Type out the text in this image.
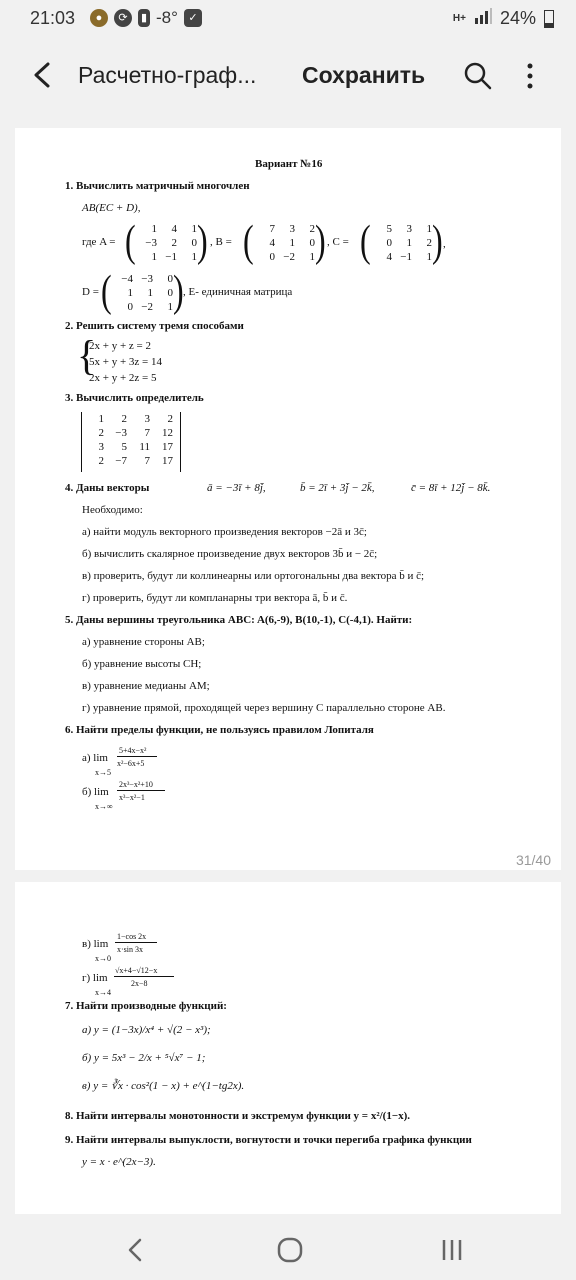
21:03	●	⟳	▮ -8° ✓	H+ 24%
Расчетно-граф... Сохранить
Вариант №16
1. Вычислить матричный многочлен
AB(EC + D),
где A = (	1	4	1
−3	2	0
1 −1	1 ) , B = (	7	3	2
4	1	0
0 −2	1 ) , C = (	5	3	1
0	1	2
4 −1	1 ) ,
D = ( −4 −3	0
1	1	0
0 −2	1 ) , E- единичная матрица
2. Решить систему тремя способами
{
2x + y + z = 2
5x + y + 3z = 14
2x + y + 2z = 5
3. Вычислить определитель
1	2	3	2
2	−3	7	12
3	5	11	17
2	−7	7	17
4. Даны векторы	ā = −3ī + 8j̄,	b̄ = 2ī + 3j̄ − 2k̄,	c̄ = 8ī + 12j̄ − 8k̄.
Необходимо:
а) найти модуль векторного произведения векторов −2ā и 3c̄;
б) вычислить скалярное произведение двух векторов 3b̄ и − 2c̄;
в) проверить, будут ли коллинеарны или ортогональны два вектора b̄ и c̄;
г) проверить, будут ли компланарны три вектора ā, b̄ и c̄.
5. Даны вершины треугольника ABC: A(6,-9), B(10,-1), C(-4,1). Найти:
а) уравнение стороны AB;
б) уравнение высоты CH;
в) уравнение медианы AM;
г) уравнение прямой, проходящей через вершину C параллельно стороне AB.
6. Найти пределы функции, не пользуясь правилом Лопиталя
а) lim
x→5
5+4x−x²
x²−6x+5
б) lim
x→∞
2x³−x²+10
x³−x²−1
31/40
в) lim
x→0
1−cos 2x
x·sin 3x
г) lim
x→4
√x+4−√12−x
2x−8
7. Найти производные функций:
а) y = (1−3x)/x⁴ + √(2 − x³);
б) y = 5x³ − 2/x + ⁵√x⁷ − 1;
в) y = ∛x · cos²(1 − x) + e^(1−tg2x).
8. Найти интервалы монотонности и экстремум функции y = x²/(1−x).
9. Найти интервалы выпуклости, вогнутости и точки перегиба графика функции
y = x · e^(2x−3).
